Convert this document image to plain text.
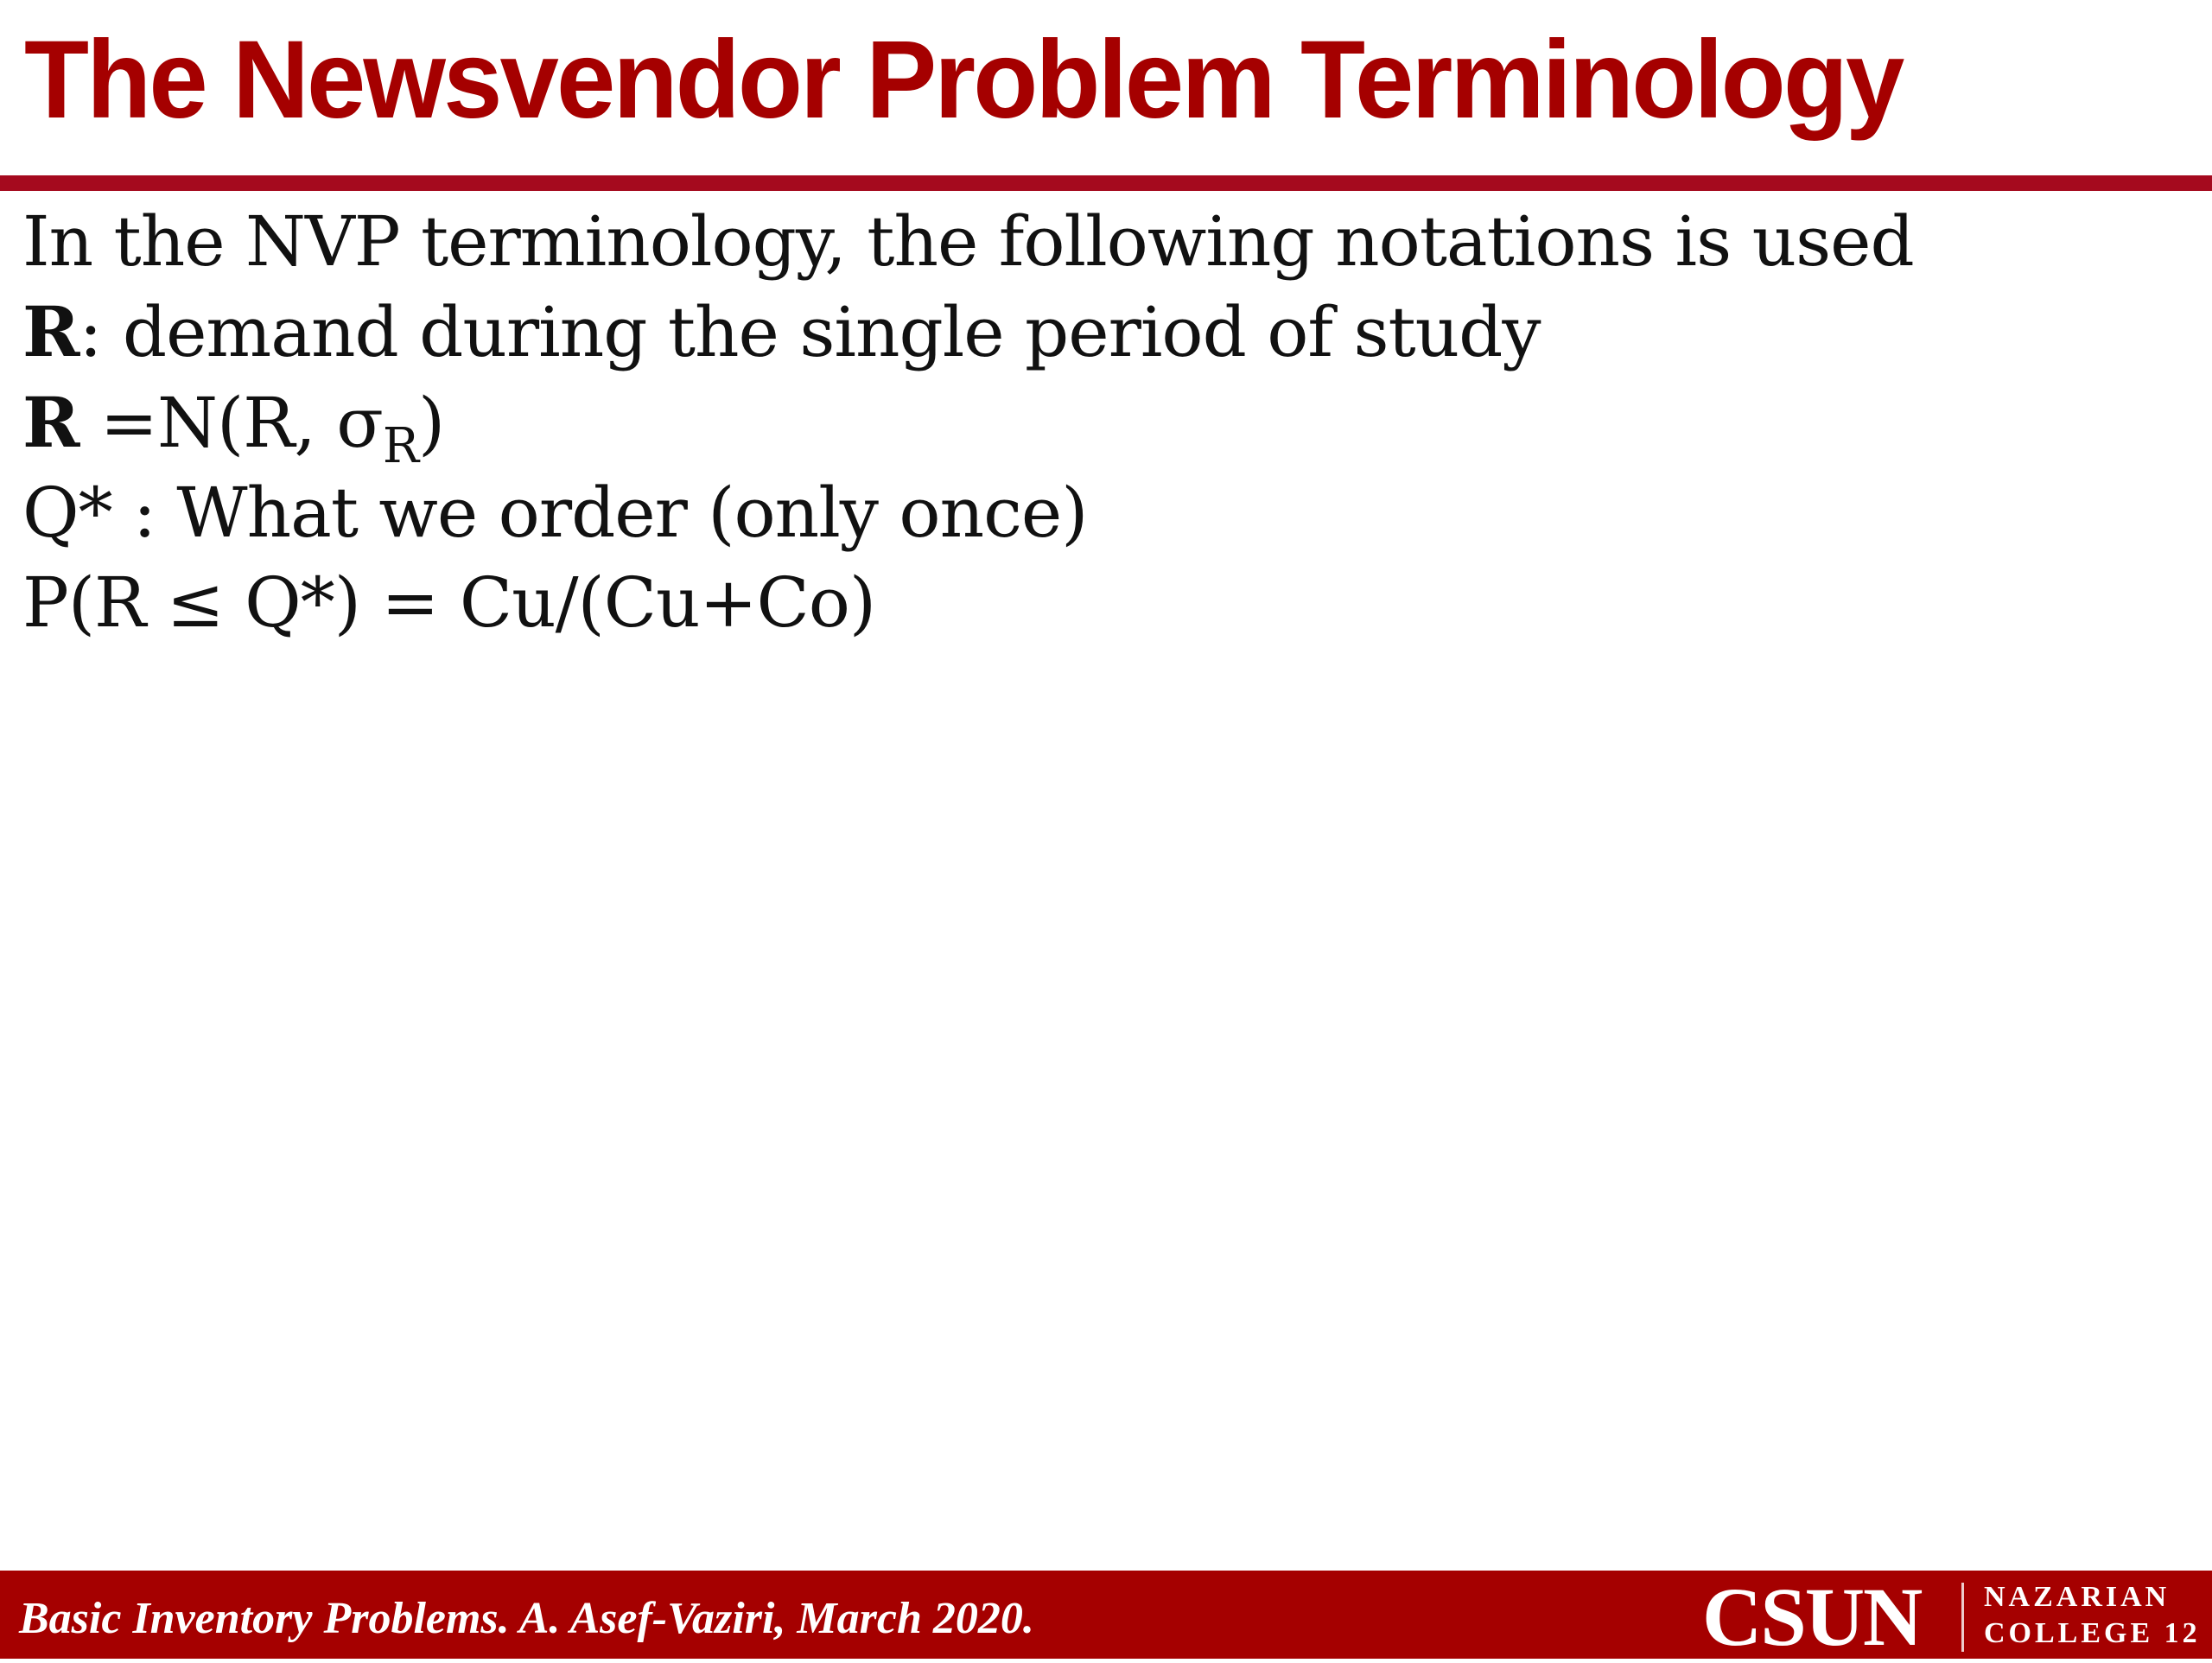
The Newsvendor Problem Terminology
In the NVP terminology, the following notations is used
R: demand during the single period of study
R =N(R, $\sigma_R$)
Q* : What we order (only once)
P(R ≤ Q*) = Cu/(Cu+Co)
Basic Inventory Problems. A. Asef-Vaziri, March 2020.	CSUN NAZARIAN
COLLEGE 12
